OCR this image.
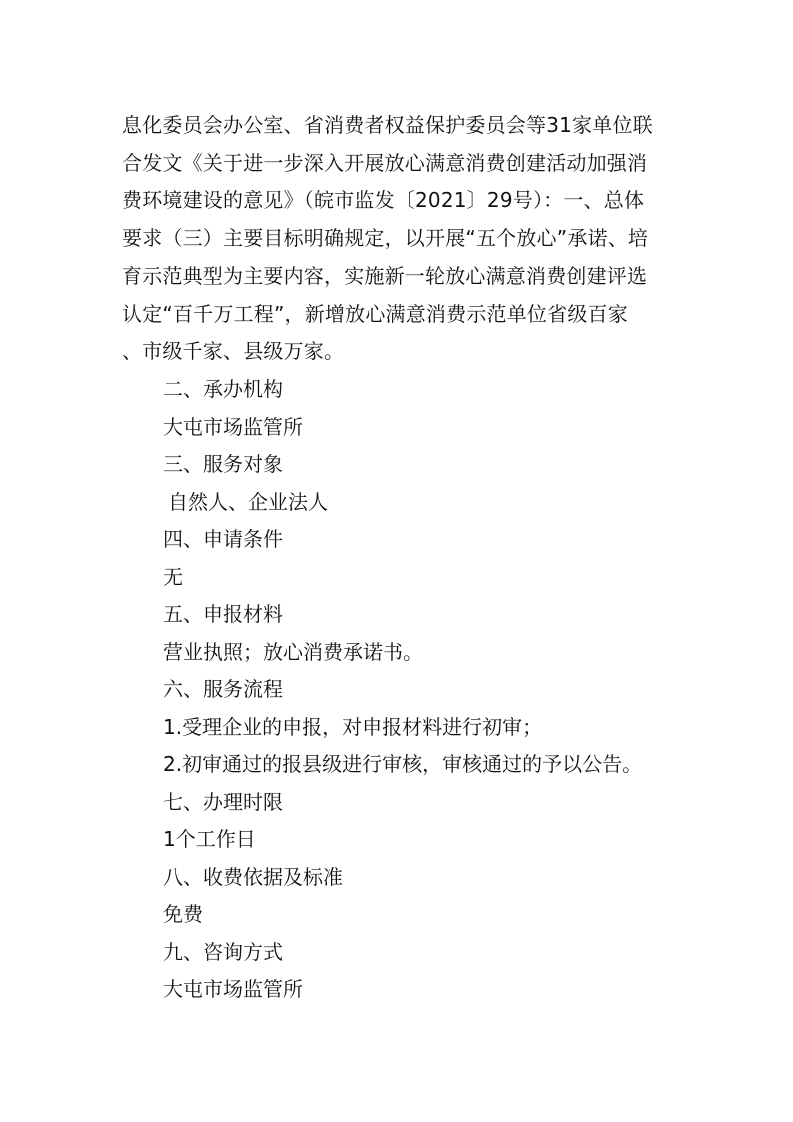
息化委员会办公室、省消费者权益保护委员会等31家单位联
合发文《关于进一步深入开展放心满意消费创建活动加强消
费环境建设的意见》（皖市监发〔2021〕29号）：一、总体
要求（三）主要目标明确规定，以开展“五个放心”承诺、培
育示范典型为主要内容，实施新一轮放心满意消费创建评选
认定“百千万工程”，新增放心满意消费示范单位省级百家
、市级千家、县级万家。
二、承办机构
大屯市场监管所
三、服务对象
自然人、企业法人
四、申请条件
无
五、申报材料
营业执照；放心消费承诺书。
六、服务流程
1.受理企业的申报，对申报材料进行初审；
2.初审通过的报县级进行审核，审核通过的予以公告。
七、办理时限
1个工作日
八、收费依据及标准
免费
九、咨询方式
大屯市场监管所
